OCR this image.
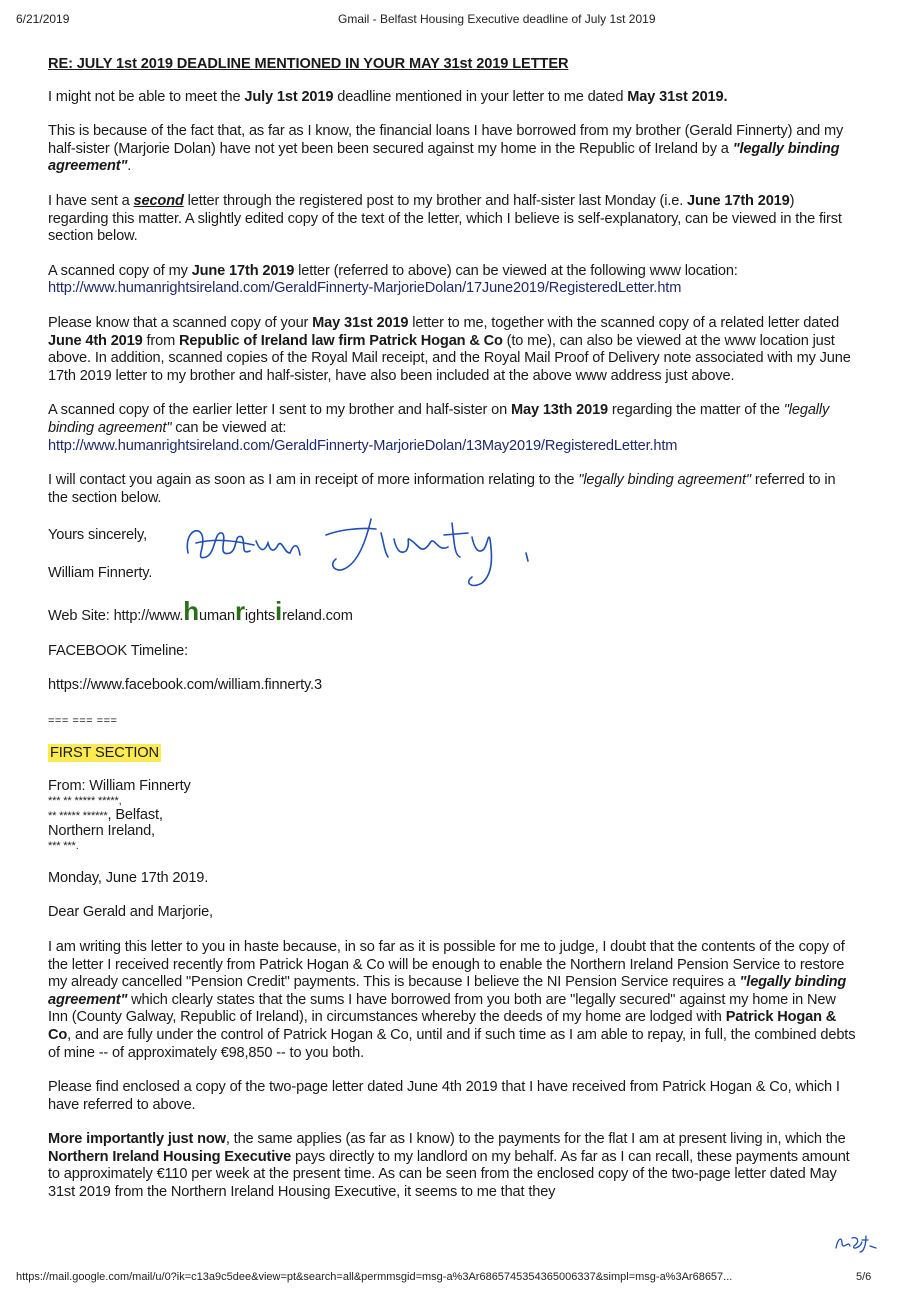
6/21/2019	Gmail - Belfast Housing Executive deadline of July 1st 2019
RE: JULY 1st 2019 DEADLINE MENTIONED IN YOUR MAY 31st 2019 LETTER

I might not be able to meet the July 1st 2019 deadline mentioned in your letter to me dated May 31st 2019.

This is because of the fact that, as far as I know, the financial loans I have borrowed from my brother (Gerald Finnerty) and my half-sister (Marjorie Dolan) have not yet been been secured against my home in the Republic of Ireland by a "legally binding agreement".

I have sent a second letter through the registered post to my brother and half-sister last Monday (i.e. June 17th 2019) regarding this matter. A slightly edited copy of the text of the letter, which I believe is self-explanatory, can be viewed in the first section below.

A scanned copy of my June 17th 2019 letter (referred to above) can be viewed at the following www location:
http://www.humanrightsireland.com/GeraldFinnerty-MarjorieDolan/17June2019/RegisteredLetter.htm

Please know that a scanned copy of your May 31st 2019 letter to me, together with the scanned copy of a related letter dated June 4th 2019 from Republic of Ireland law firm Patrick Hogan & Co (to me), can also be viewed at the www location just above. In addition, scanned copies of the Royal Mail receipt, and the Royal Mail Proof of Delivery note associated with my June 17th 2019 letter to my brother and half-sister, have also been included at the above www address just above.

A scanned copy of the earlier letter I sent to my brother and half-sister on May 13th 2019 regarding the matter of the "legally binding agreement" can be viewed at:
http://www.humanrightsireland.com/GeraldFinnerty-MarjorieDolan/13May2019/RegisteredLetter.htm

I will contact you again as soon as I am in receipt of more information relating to the "legally binding agreement" referred to in the section below.

Yours sincerely,
William Finnerty.

Web Site: http://www.humanrightsireland.com

FACEBOOK Timeline:

https://www.facebook.com/william.finnerty.3

=== === ===

FIRST SECTION

From: William Finnerty
*** ** ***** *****,
** ***** ******, Belfast,
Northern Ireland,
*** ***.

Monday, June 17th 2019.

Dear Gerald and Marjorie,

I am writing this letter to you in haste because, in so far as it is possible for me to judge, I doubt that the contents of the copy of the letter I received recently from Patrick Hogan & Co will be enough to enable the Northern Ireland Pension Service to restore my already cancelled "Pension Credit" payments. This is because I believe the NI Pension Service requires a "legally binding agreement" which clearly states that the sums I have borrowed from you both are "legally secured" against my home in New Inn (County Galway, Republic of Ireland), in circumstances whereby the deeds of my home are lodged with Patrick Hogan & Co, and are fully under the control of Patrick Hogan & Co, until and if such time as I am able to repay, in full, the combined debts of mine -- of approximately €98,850 -- to you both.

Please find enclosed a copy of the two-page letter dated June 4th 2019 that I have received from Patrick Hogan & Co, which I have referred to above.

More importantly just now, the same applies (as far as I know) to the payments for the flat I am at present living in, which the Northern Ireland Housing Executive pays directly to my landlord on my behalf. As far as I can recall, these payments amount to approximately €110 per week at the present time. As can be seen from the enclosed copy of the two-page letter dated May 31st 2019 from the Northern Ireland Housing Executive, it seems to me that they

https://mail.google.com/mail/u/0?ik=c13a9c5dee&view=pt&search=all&permmsgid=msg-a%3Ar6865745354365006337&simpl=msg-a%3Ar68657...	5/6
